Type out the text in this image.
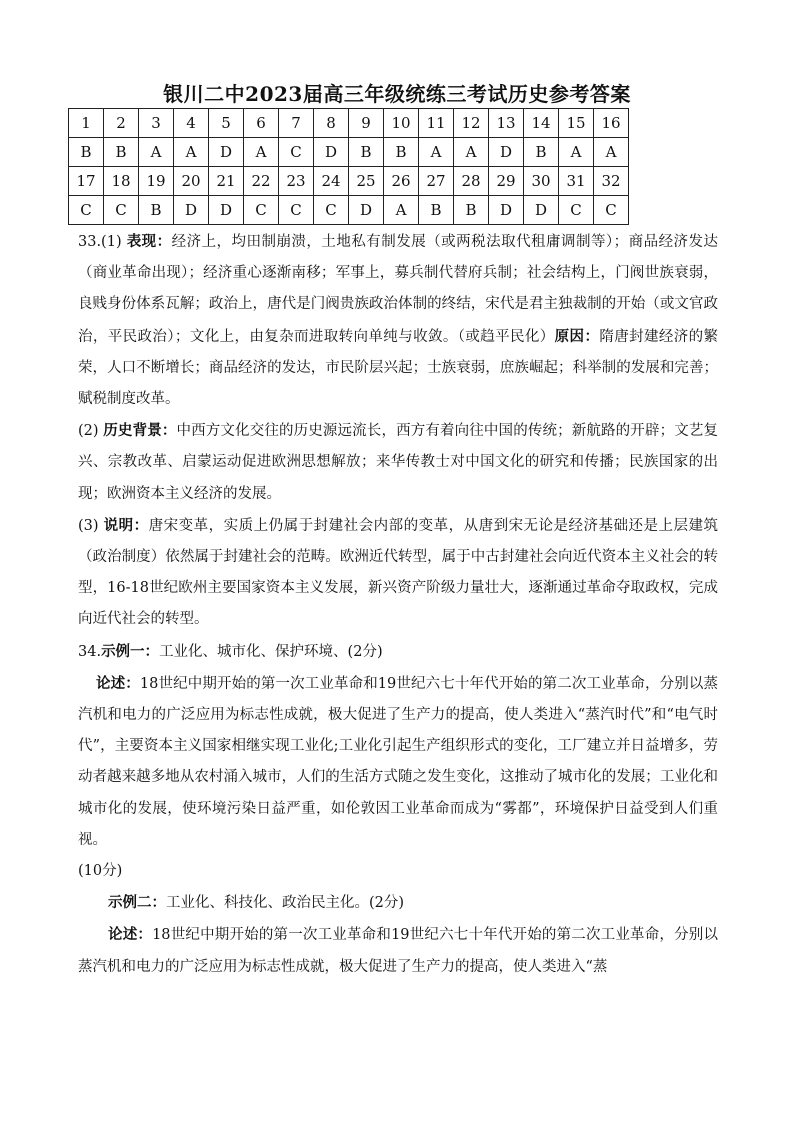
银川二中2023届高三年级统练三考试历史参考答案
1	2	3	4	5	6	7	8	9	10	11	12	13	14	15	16
B	B	A	A	D	A	C	D	B	B	A	A	D	B	A	A
17	18	19	20	21	22	23	24	25	26	27	28	29	30	31	32
C	C	B	D	D	C	C	C	D	A	B	B	D	D	C	C

33.(1) 表现：经济上，均田制崩溃，土地私有制发展（或两税法取代租庸调制等）；商品经济发达（商业革命出现）；经济重心逐渐南移；军事上，募兵制代替府兵制；社会结构上，门阀世族衰弱，良贱身份体系瓦解；政治上，唐代是门阀贵族政治体制的终结，宋代是君主独裁制的开始（或文官政治，平民政治）；文化上，由复杂而进取转向单纯与收敛。（或趋平民化）原因：隋唐封建经济的繁荣，人口不断增长；商品经济的发达，市民阶层兴起；士族衰弱，庶族崛起；科举制的发展和完善；赋税制度改革。

(2) 历史背景：中西方文化交往的历史源远流长，西方有着向往中国的传统；新航路的开辟；文艺复兴、宗教改革、启蒙运动促进欧洲思想解放；来华传教士对中国文化的研究和传播；民族国家的出现；欧洲资本主义经济的发展。

(3) 说明：唐宋变革，实质上仍属于封建社会内部的变革，从唐到宋无论是经济基础还是上层建筑（政治制度）依然属于封建社会的范畴。欧洲近代转型，属于中古封建社会向近代资本主义社会的转型，16-18世纪欧州主要国家资本主义发展，新兴资产阶级力量壮大，逐渐通过革命夺取政权，完成向近代社会的转型。

34.示例一：工业化、城市化、保护环境、(2分)

论述：18世纪中期开始的第一次工业革命和19世纪六七十年代开始的第二次工业革命，分别以蒸汽机和电力的广泛应用为标志性成就，极大促进了生产力的提高，使人类进入“蒸汽时代”和“电气时代”，主要资本主义国家相继实现工业化;工业化引起生产组织形式的变化，工厂建立并日益增多，劳动者越来越多地从农村涌入城市，人们的生活方式随之发生变化，这推动了城市化的发展；工业化和城市化的发展，使环境污染日益严重，如伦敦因工业革命而成为“雾都”，环境保护日益受到人们重视。

(10分)

示例二：工业化、科技化、政治民主化。(2分)

论述：18世纪中期开始的第一次工业革命和19世纪六七十年代开始的第二次工业革命，分别以蒸汽机和电力的广泛应用为标志性成就，极大促进了生产力的提高，使人类进入“蒸
